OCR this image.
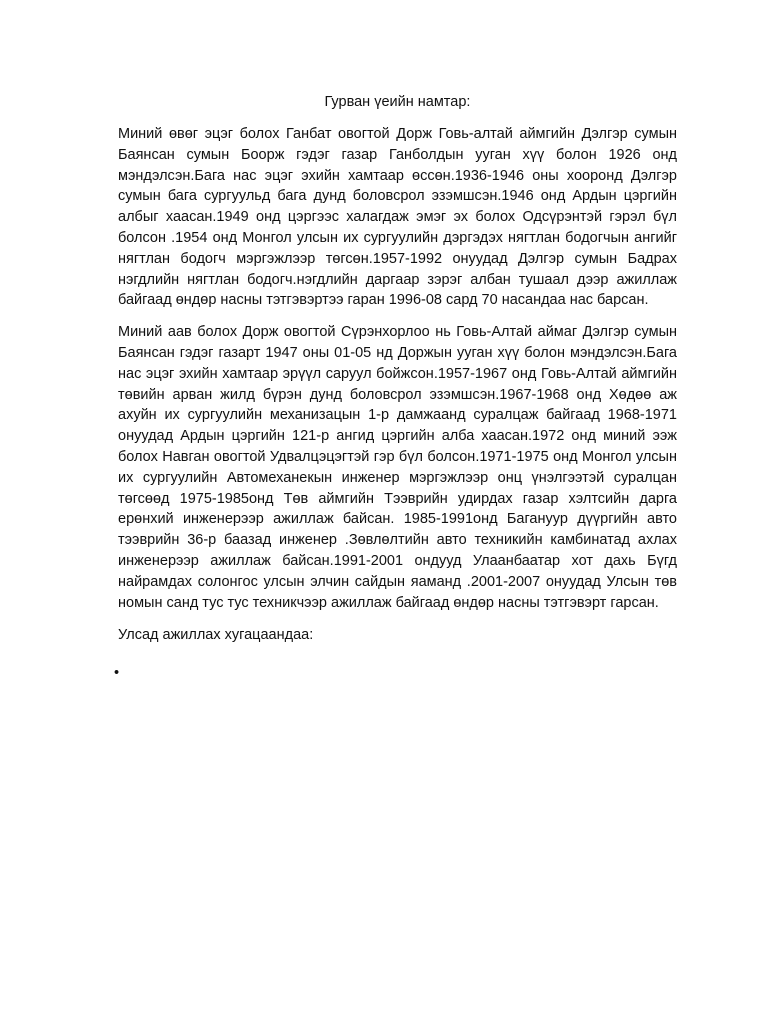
Гурван үеийн намтар:

Миний өвөг эцэг болох Ганбат овогтой Дорж Говь-алтай аймгийн Дэлгэр сумын Баянсан сумын Боорж гэдэг газар Ганболдын ууган хүү болон 1926 онд мэндэлсэн.Бага нас эцэг эхийн хамтаар өссөн.1936-1946 оны хооронд Дэлгэр сумын бага сургуульд бага дунд боловсрол эзэмшсэн.1946 онд Ардын цэргийн албыг хаасан.1949 онд цэргээс халагдаж эмэг эх болох Одсүрэнтэй гэрэл бүл болсон .1954 онд Монгол улсын их сургуулийн дэргэдэх нягтлан бодогчын ангийг нягтлан бодогч мэргэжлээр төгсөн.1957-1992 онуудад Дэлгэр сумын Бадрах нэгдлийн нягтлан бодогч.нэгдлийн даргаар зэрэг албан тушаал дээр ажиллаж байгаад өндөр насны тэтгэвэртээ гаран 1996-08 сард 70 насандаа нас барсан.

Миний аав болох Дорж овогтой Сүрэнхорлоо нь Говь-Алтай аймаг Дэлгэр сумын Баянсан гэдэг газарт 1947 оны 01-05 нд Доржын ууган хүү болон мэндэлсэн.Бага нас эцэг эхийн хамтаар эрүүл саруул бойжсон.1957-1967 онд Говь-Алтай аймгийн төвийн арван жилд бүрэн дунд боловсрол эзэмшсэн.1967-1968 онд Хөдөө аж ахуйн их сургуулийн механизацын 1-р дамжаанд суралцаж байгаад 1968-1971 онуудад Ардын цэргийн 121-р ангид цэргийн алба хаасан.1972 онд миний ээж болох Навган овогтой Удвалцэцэгтэй гэр бүл болсон.1971-1975 онд Монгол улсын их сургуулийн Автомеханекын инженер мэргэжлээр онц үнэлгээтэй суралцан төгсөөд 1975-1985онд Төв аймгийн Тээврийн удирдах газар хэлтсийн дарга ерөнхий инженерээр ажиллаж байсан. 1985-1991онд Багануур дүүргийн авто тээврийн 36-р баазад инженер .Зөвлөлтийн авто техникийн камбинатад ахлах инженерээр ажиллаж байсан.1991-2001 ондууд Улаанбаатар хот дахь Бүгд найрамдах солонгос улсын элчин сайдын яаманд .2001-2007 онуудад Улсын төв номын санд тус тус техникчээр ажиллаж байгаад өндөр насны тэтгэвэрт гарсан.

Улсад ажиллах хугацаандаа:

•
